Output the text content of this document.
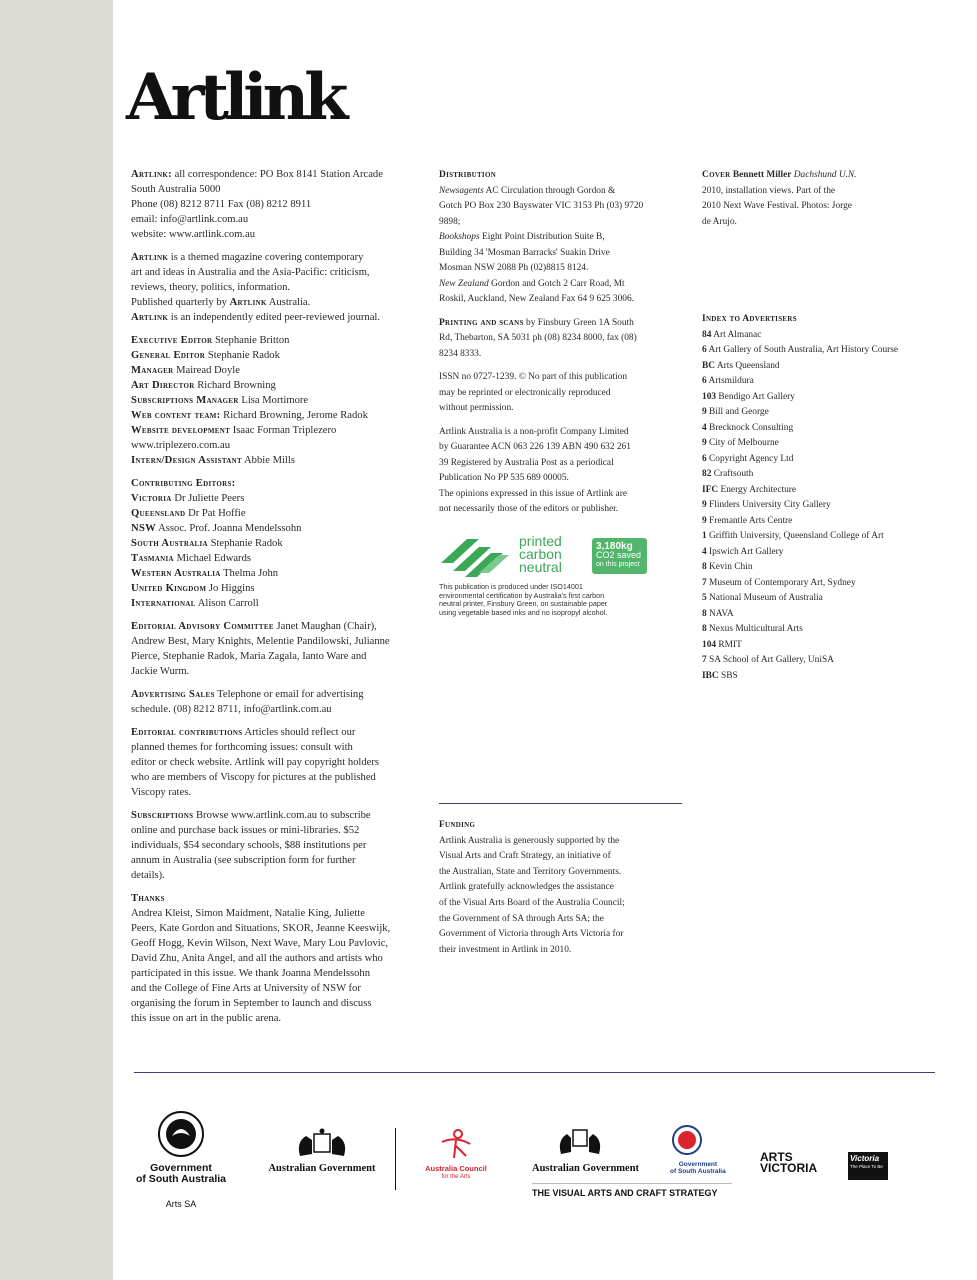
Artlink
Artlink: all correspondence: PO Box 8141 Station Arcade
South Australia 5000
Phone (08) 8212 8711 Fax (08) 8212 8911
email: info@artlink.com.au
website: www.artlink.com.au
Artlink is a themed magazine covering contemporary
art and ideas in Australia and the Asia-Pacific: criticism,
reviews, theory, politics, information.
Published quarterly by Artlink Australia.
Artlink is an independently edited peer-reviewed journal.
Executive Editor Stephanie Britton
General Editor Stephanie Radok
Manager Mairead Doyle
Art Director Richard Browning
Subscriptions Manager Lisa Mortimore
Web content team: Richard Browning, Jerome Radok
Website development Isaac Forman Triplezero
www.triplezero.com.au
Intern/Design Assistant Abbie Mills
Contributing Editors:
Victoria Dr Juliette Peers
Queensland Dr Pat Hoffie
NSW Assoc. Prof. Joanna Mendelssohn
South Australia Stephanie Radok
Tasmania Michael Edwards
Western Australia Thelma John
United Kingdom Jo Higgins
International Alison Carroll
Editorial Advisory Committee Janet Maughan (Chair),
Andrew Best, Mary Knights, Melentie Pandilowski, Julianne
Pierce, Stephanie Radok, Maria Zagala, Ianto Ware and
Jackie Wurm.
Advertising Sales Telephone or email for advertising
schedule. (08) 8212 8711, info@artlink.com.au
Editorial contributions Articles should reflect our
planned themes for forthcoming issues: consult with
editor or check website. Artlink will pay copyright holders
who are members of Viscopy for pictures at the published
Viscopy rates.
Subscriptions Browse www.artlink.com.au to subscribe
online and purchase back issues or mini-libraries. $52
individuals, $54 secondary schools, $88 institutions per
annum in Australia (see subscription form for further
details).
Thanks
Andrea Kleist, Simon Maidment, Natalie King, Juliette
Peers, Kate Gordon and Situations, SKOR, Jeanne Keeswijk,
Geoff Hogg, Kevin Wilson, Next Wave, Mary Lou Pavlovic,
David Zhu, Anita Angel, and all the authors and artists who
participated in this issue. We thank Joanna Mendelssohn
and the College of Fine Arts at University of NSW for
organising the forum in September to launch and discuss
this issue on art in the public arena.
Distribution
Newsagents AC Circulation through Gordon &
Gotch PO Box 230 Bayswater VIC 3153 Ph (03) 9720
9898;
Bookshops Eight Point Distribution Suite B,
Building 34 'Mosman Barracks' Suakin Drive
Mosman NSW 2088 Ph (02)8815 8124.
New Zealand Gordon and Gotch 2 Carr Road, Mt
Roskil, Auckland, New Zealand Fax 64 9 625 3006.
Printing and scans by Finsbury Green 1A South
Rd, Thebarton, SA 5031 ph (08) 8234 8000, fax (08)
8234 8333.
ISSN no 0727-1239. © No part of this publication
may be reprinted or electronically reproduced
without permission.
Artlink Australia is a non-profit Company Limited
by Guarantee ACN 063 226 139 ABN 490 632 261
39 Registered by Australia Post as a periodical
Publication No PP 535 689 00005.
The opinions expressed in this issue of Artlink are
not necessarily those of the editors or publisher.
printed
carbon
neutral
3,180kg
CO2 saved
on this project
This publication is produced under ISO14001
environmental certification by Australia's first carbon
neutral printer, Finsbury Green, on sustainable paper
using vegetable based inks and no isopropyl alcohol.
Funding
Artlink Australia is generously supported by the
Visual Arts and Craft Strategy, an initiative of
the Australian, State and Territory Governments.
Artlink gratefully acknowledges the assistance
of the Visual Arts Board of the Australia Council;
the Government of SA through Arts SA; the
Government of Victoria through Arts Victoria for
their investment in Artlink in 2010.
Cover Bennett Miller Dachshund U.N.
2010, installation views. Part of the
2010 Next Wave Festival. Photos: Jorge
de Arujo.
Index to Advertisers
84 Art Almanac
6 Art Gallery of South Australia, Art History Course
BC Arts Queensland
6 Artsmildura
103 Bendigo Art Gallery
9 Bill and George
4 Brecknock Consulting
9 City of Melbourne
6 Copyright Agency Ltd
82 Craftsouth
IFC Energy Architecture
9 Flinders University City Gallery
9 Fremantle Arts Centre
1 Griffith University, Queensland College of Art
4 Ipswich Art Gallery
8 Kevin Chin
7 Museum of Contemporary Art, Sydney
5 National Museum of Australia
8 NAVA
8 Nexus Multicultural Arts
104 RMIT
7 SA School of Art Gallery, UniSA
IBC SBS
Government
of South Australia
Arts SA
Australian Government	Australia Council
for the Arts
Australian Government	Government
of South Australia
THE VISUAL ARTS AND CRAFT STRATEGY
ARTS
VICTORIA
Victoria
The Place To Be
